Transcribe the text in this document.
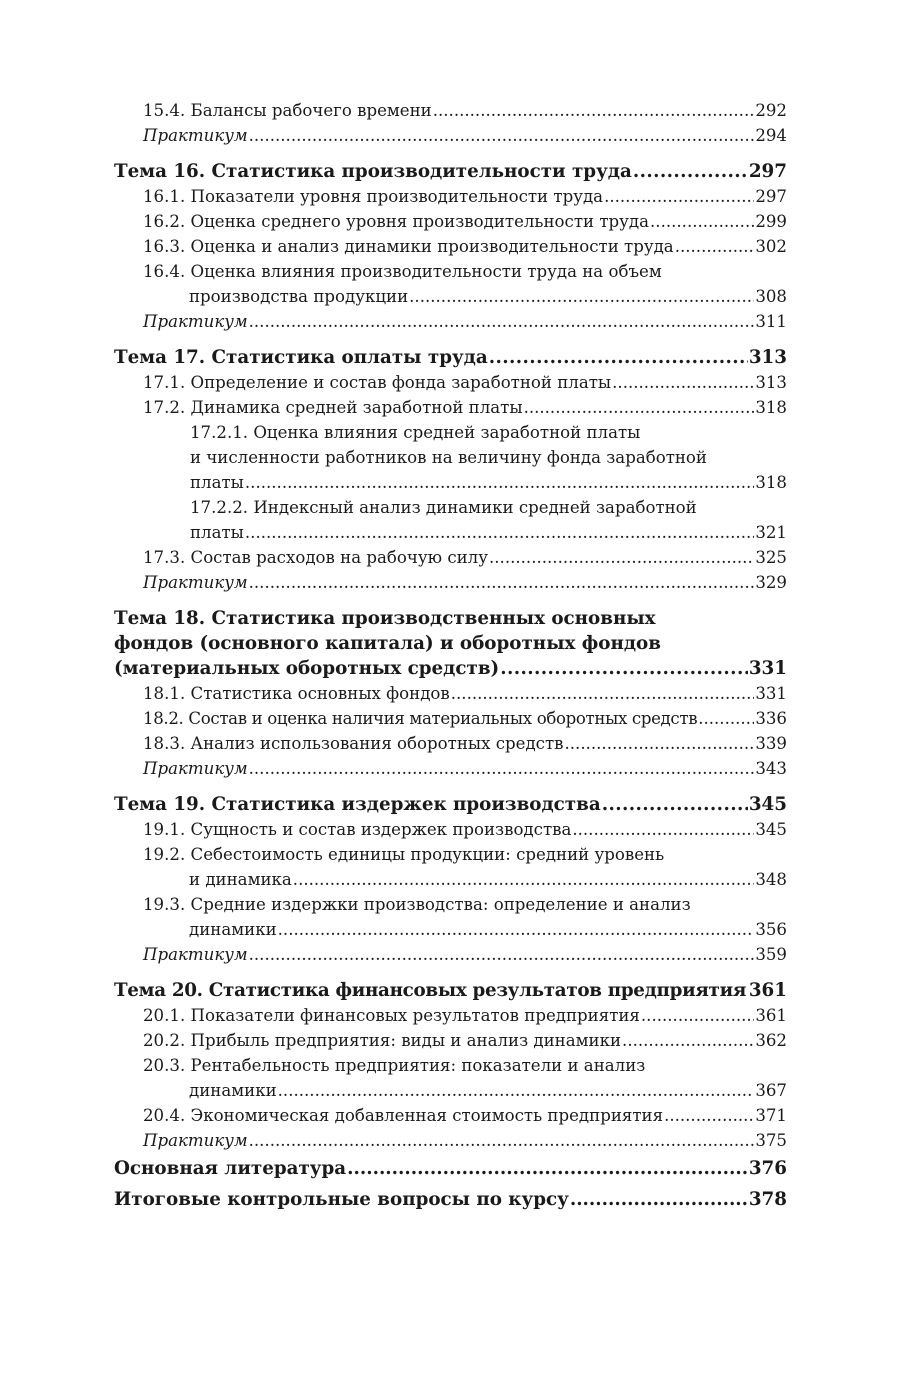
15.4. Балансы рабочего времени .....	292
Практикум .....	294
Тема 16. Статистика производительности труда .....	297
16.1. Показатели уровня производительности труда .....	297
16.2. Оценка среднего уровня производительности труда .....	299
16.3. Оценка и анализ динамики производительности труда .....	302
16.4. Оценка влияния производительности труда на объем
производства продукции .....	308
Практикум .....	311
Тема 17. Статистика оплаты труда .....	313
17.1. Определение и состав фонда заработной платы .....	313
17.2. Динамика средней заработной платы .....	318
17.2.1. Оценка влияния средней заработной платы
и численности работников на величину фонда заработной
платы .....	318
17.2.2. Индексный анализ динамики средней заработной
платы .....	321
17.3. Состав расходов на рабочую силу .....	325
Практикум .....	329
Тема 18. Статистика производственных основных
фондов (основного капитала) и оборотных фондов
(материальных оборотных средств) .....	331
18.1. Статистика основных фондов .....	331
18.2. Состав и оценка наличия материальных оборотных средств .....	336
18.3. Анализ использования оборотных средств .....	339
Практикум .....	343
Тема 19. Статистика издержек производства .....	345
19.1. Сущность и состав издержек производства .....	345
19.2. Себестоимость единицы продукции: средний уровень
и динамика .....	348
19.3. Средние издержки производства: определение и анализ
динамики .....	356
Практикум .....	359
Тема 20. Статистика финансовых результатов предприятия ..... 361
20.1. Показатели финансовых результатов предприятия .....	361
20.2. Прибыль предприятия: виды и анализ динамики .....	362
20.3. Рентабельность предприятия: показатели и анализ
динамики .....	367
20.4. Экономическая добавленная стоимость предприятия .....	371
Практикум .....	375
Основная литература .....	376
Итоговые контрольные вопросы по курсу .....	378
